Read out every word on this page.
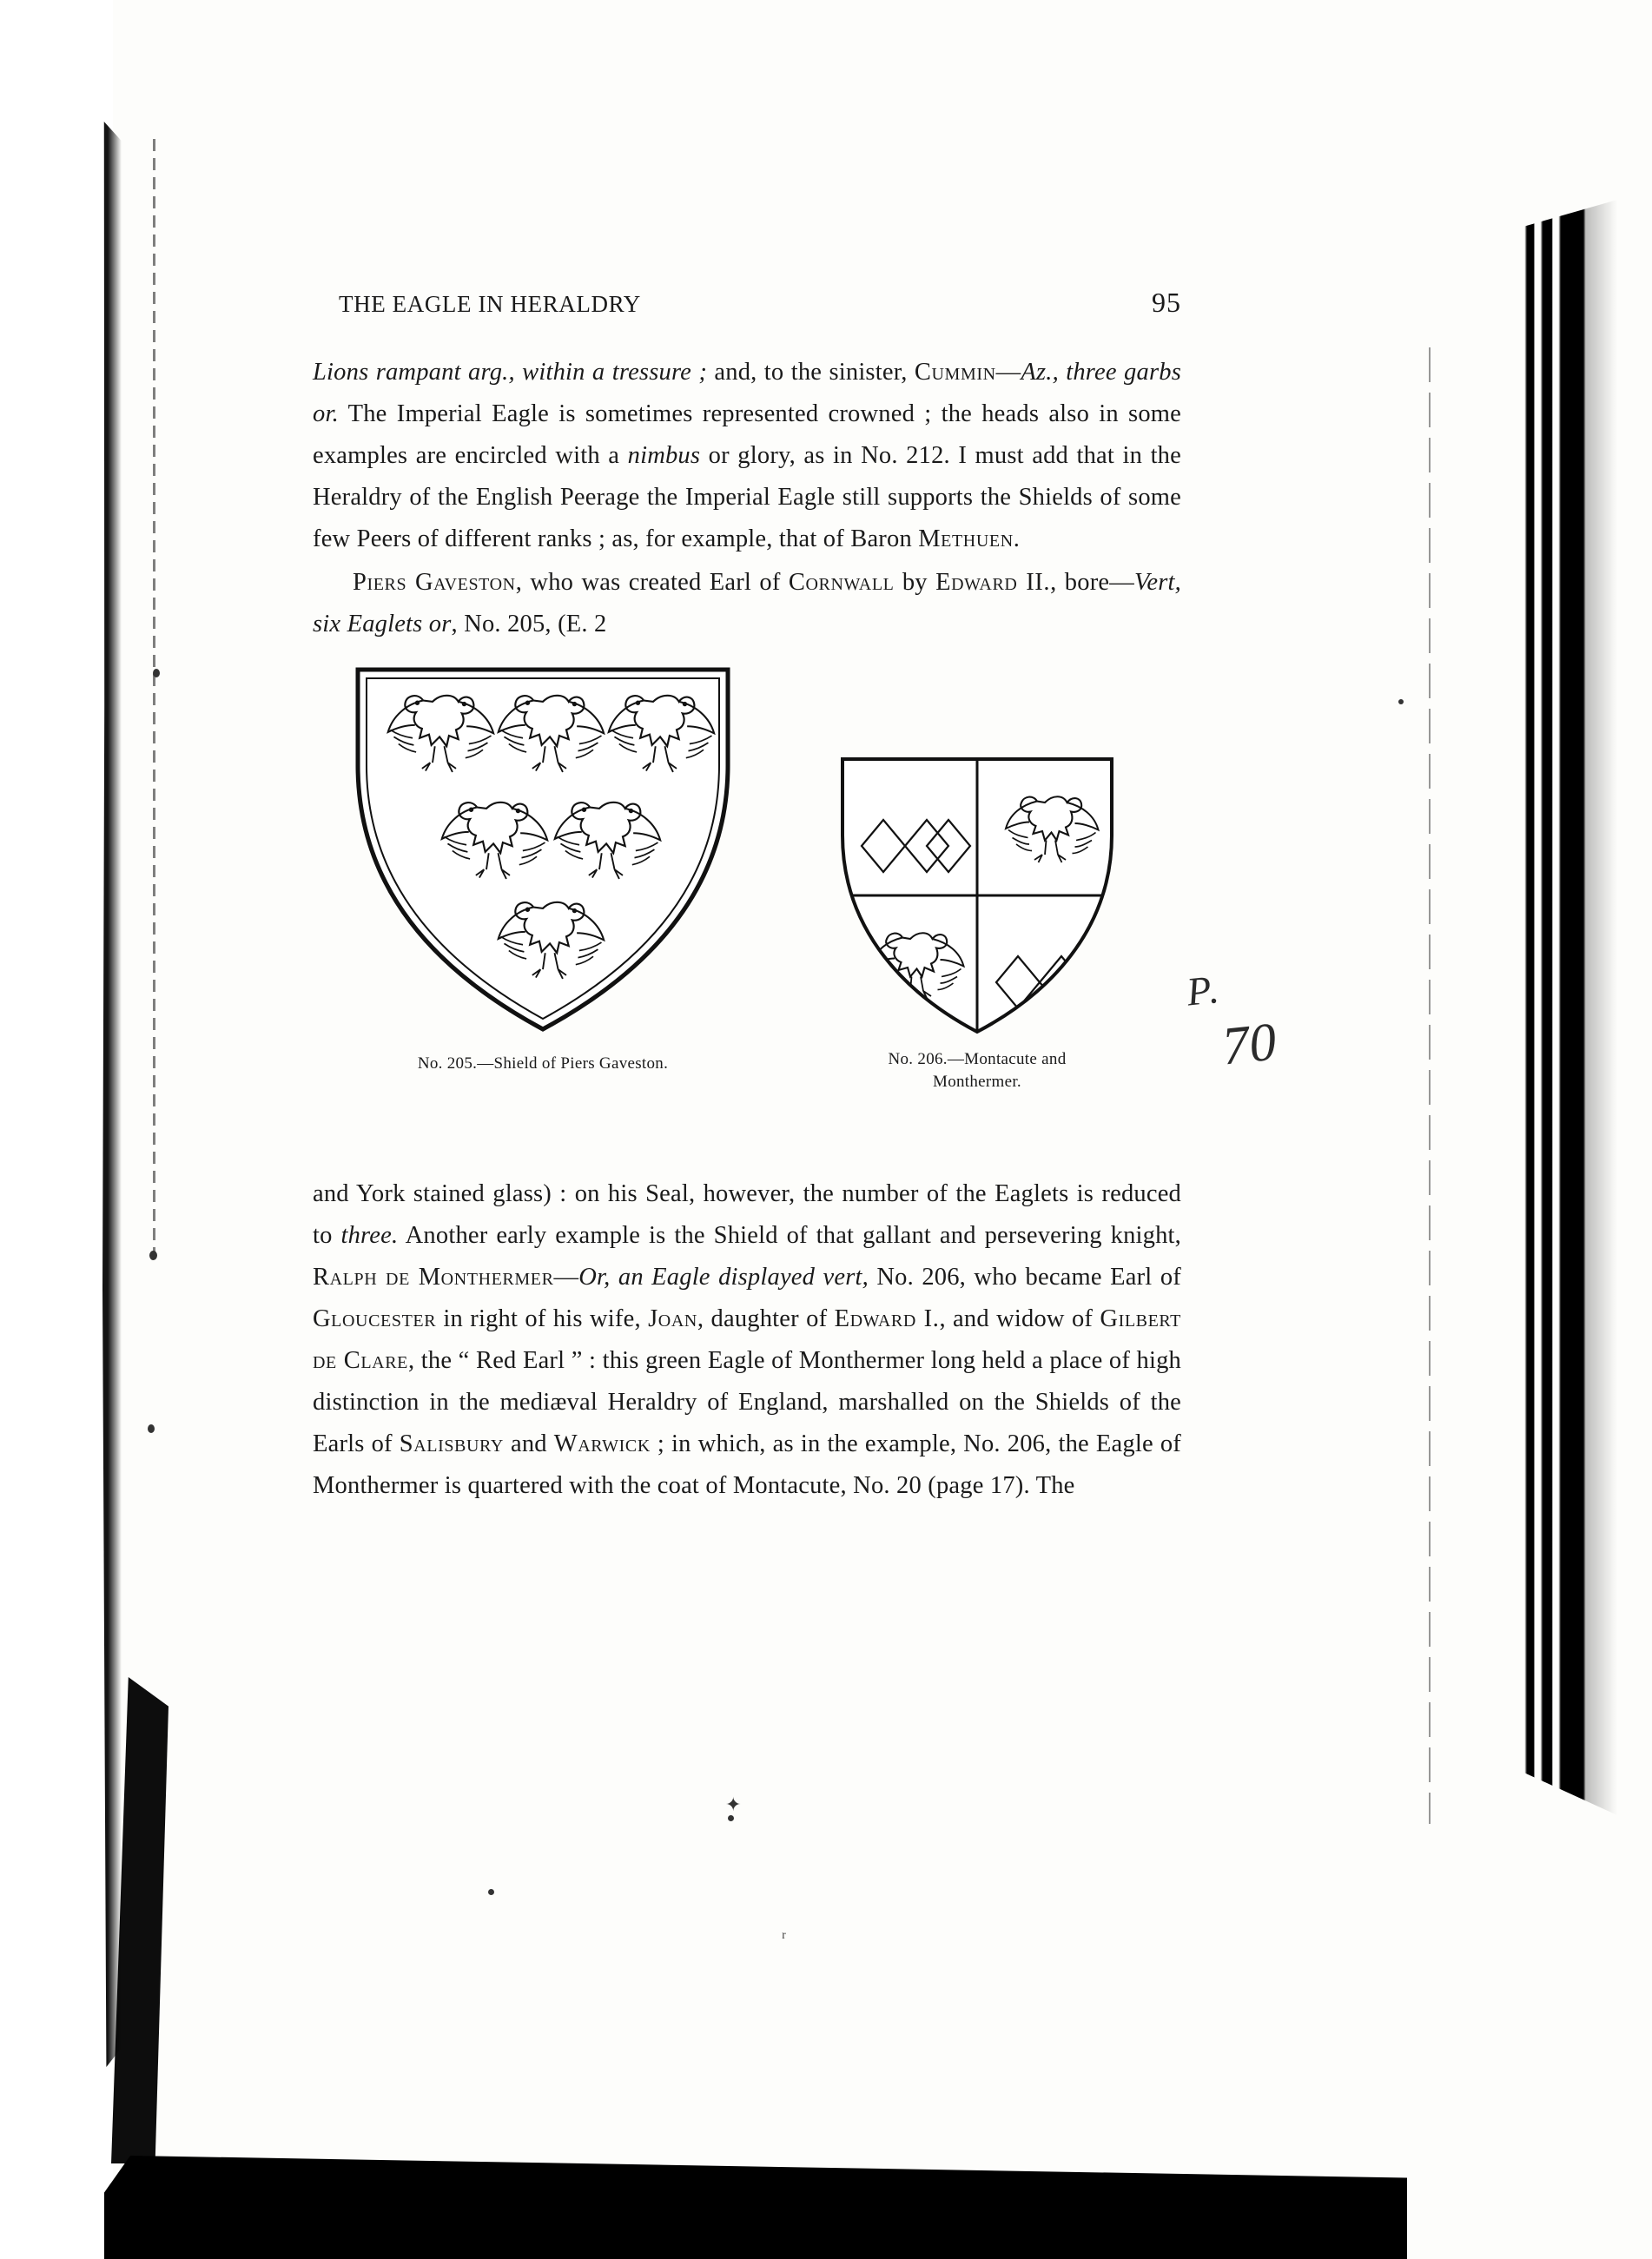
✦
ʳ
THE EAGLE IN HERALDRY	95

Lions rampant arg., within a tressure ; and, to the sinister, Cummin—Az., three garbs or. The Imperial Eagle is sometimes represented crowned ; the heads also in some examples are encircled with a nimbus or glory, as in No. 212. I must add that in the Heraldry of the English Peerage the Imperial Eagle still supports the Shields of some few Peers of different ranks ; as, for example, that of Baron Methuen.

Piers Gaveston, who was created Earl of Cornwall by Edward II., bore—Vert, six Eaglets or, No. 205, (E. 2

No. 205.—Shield of Piers Gaveston.	No. 206.—Montacute and
Monthermer.

and York stained glass) : on his Seal, however, the number of the Eaglets is reduced to three. Another early example is the Shield of that gallant and persevering knight, Ralph de Monthermer—Or, an Eagle displayed vert, No. 206, who became Earl of Gloucester in right of his wife, Joan, daughter of Edward I., and widow of Gilbert de Clare, the “ Red Earl ” : this green Eagle of Monthermer long held a place of high distinction in the mediæval Heraldry of England, marshalled on the Shields of the Earls of Salisbury and Warwick ; in which, as in the example, No. 206, the Eagle of Monthermer is quartered with the coat of Montacute, No. 20 (page 17). The

P.
70
